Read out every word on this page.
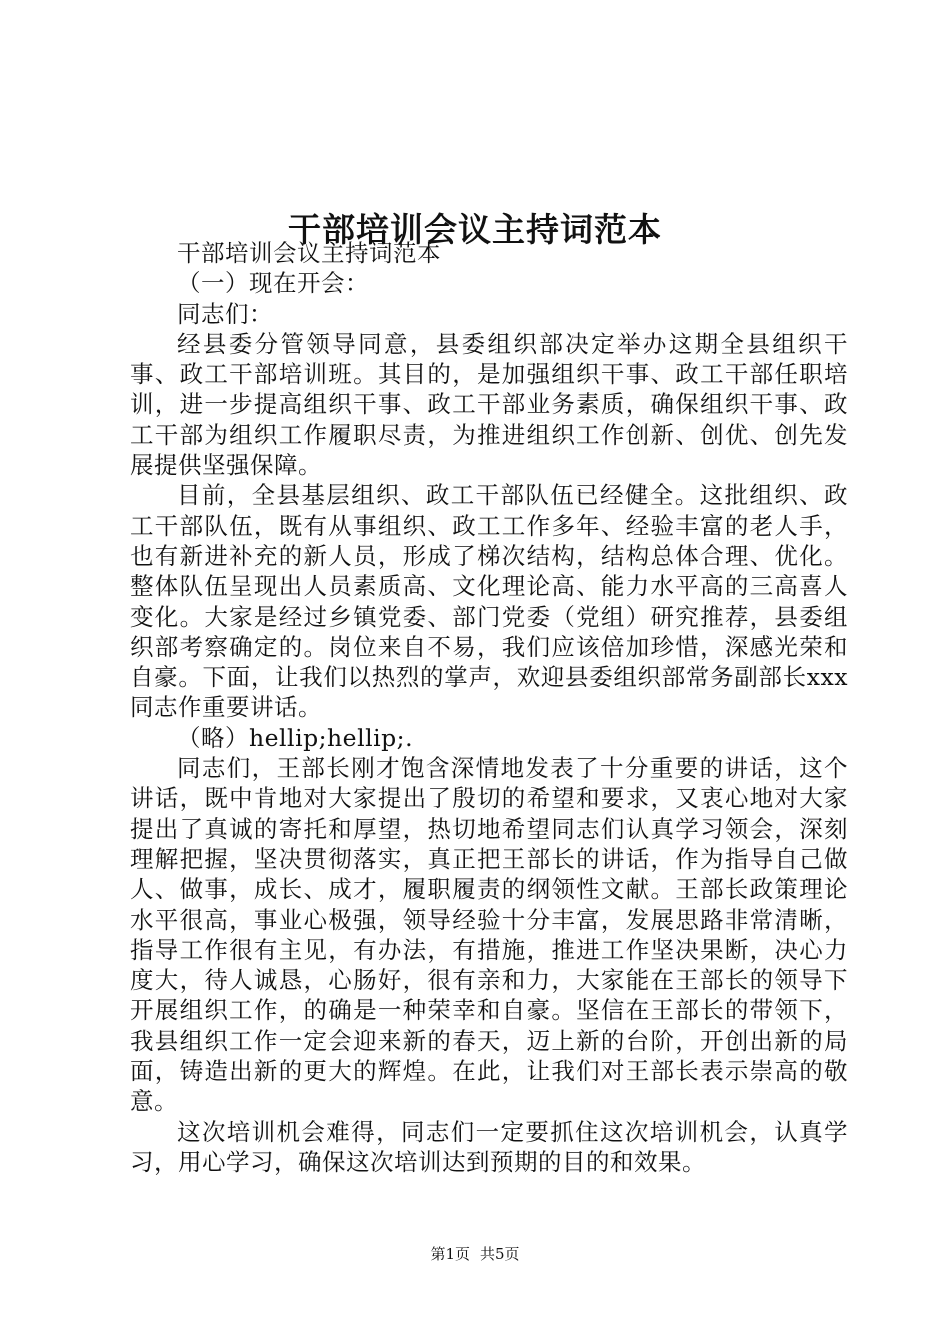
干部培训会议主持词范本

干部培训会议主持词范本

（一）现在开会：

同志们：

经县委分管领导同意，县委组织部决定举办这期全县组织干事、政工干部培训班。其目的，是加强组织干事、政工干部任职培训，进一步提高组织干事、政工干部业务素质，确保组织干事、政工干部为组织工作履职尽责，为推进组织工作创新、创优、创先发展提供坚强保障。

目前，全县基层组织、政工干部队伍已经健全。这批组织、政工干部队伍，既有从事组织、政工工作多年、经验丰富的老人手，也有新进补充的新人员，形成了梯次结构，结构总体合理、优化。整体队伍呈现出人员素质高、文化理论高、能力水平高的三高喜人变化。大家是经过乡镇党委、部门党委（党组）研究推荐，县委组织部考察确定的。岗位来自不易，我们应该倍加珍惜，深感光荣和自豪。下面，让我们以热烈的掌声，欢迎县委组织部常务副部长xxx同志作重要讲话。

（略）hellip;hellip;.

同志们，王部长刚才饱含深情地发表了十分重要的讲话，这个讲话，既中肯地对大家提出了殷切的希望和要求，又衷心地对大家提出了真诚的寄托和厚望，热切地希望同志们认真学习领会，深刻理解把握，坚决贯彻落实，真正把王部长的讲话，作为指导自己做人、做事，成长、成才，履职履责的纲领性文献。王部长政策理论水平很高，事业心极强，领导经验十分丰富，发展思路非常清晰，指导工作很有主见，有办法，有措施，推进工作坚决果断，决心力度大，待人诚恳，心肠好，很有亲和力，大家能在王部长的领导下开展组织工作，的确是一种荣幸和自豪。坚信在王部长的带领下，我县组织工作一定会迎来新的春天，迈上新的台阶，开创出新的局面，铸造出新的更大的辉煌。在此，让我们对王部长表示崇高的敬意。

这次培训机会难得，同志们一定要抓住这次培训机会，认真学习，用心学习，确保这次培训达到预期的目的和效果。

第1页 共5页
